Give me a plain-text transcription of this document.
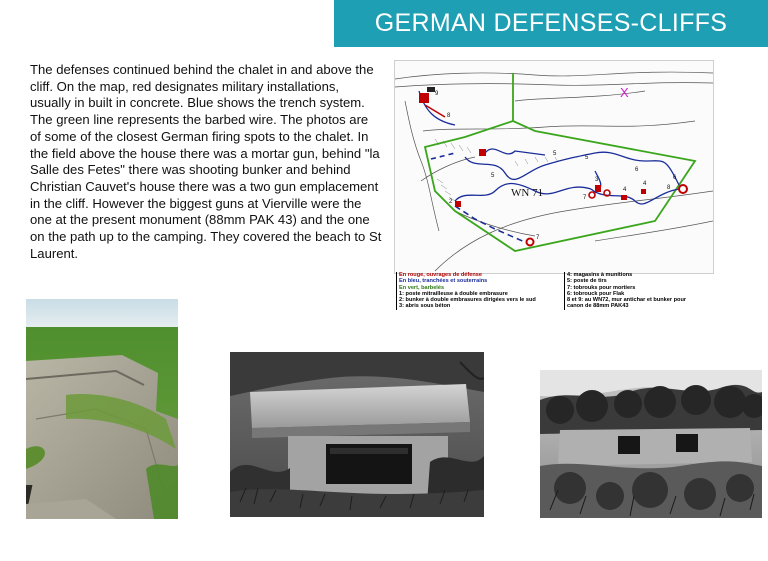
GERMAN DEFENSES-CLIFFS
The defenses continued behind the chalet in and above the cliff. On the map, red designates military installations, usually in built in concrete. Blue shows the trench system. The green line represents the barbed wire. The photos are of some of the closest German firing spots to the chalet. In the field above the house there was a mortar gun, behind "la Salle des Fetes" there was shooting bunker and behind Christian Cauvet's house there was a two gun emplacement in the cliff. However the biggest guns at Vierville were the one at the present monument (88mm PAK 43) and the one on the path up to the camping. They covered the beach to St Laurent.
X
WN 71
9
8
5
5
5
6
2
7
3
4
7
4
8
6
En rouge, ouvrages de défense
En bleu, tranchées et souterrains
En vert, barbelés
1: poste mitrailleuse à double embrasure
2: bunker à double embrasures dirigées vers le sud
3: abris sous béton
4: magasins à munitions
5: poste de tirs
7: tobrouks pour mortiers
6: tobrouck pour Flak
8 et 9: au WN72, mur antichar et bunker pour
canon de 88mm PAK43
